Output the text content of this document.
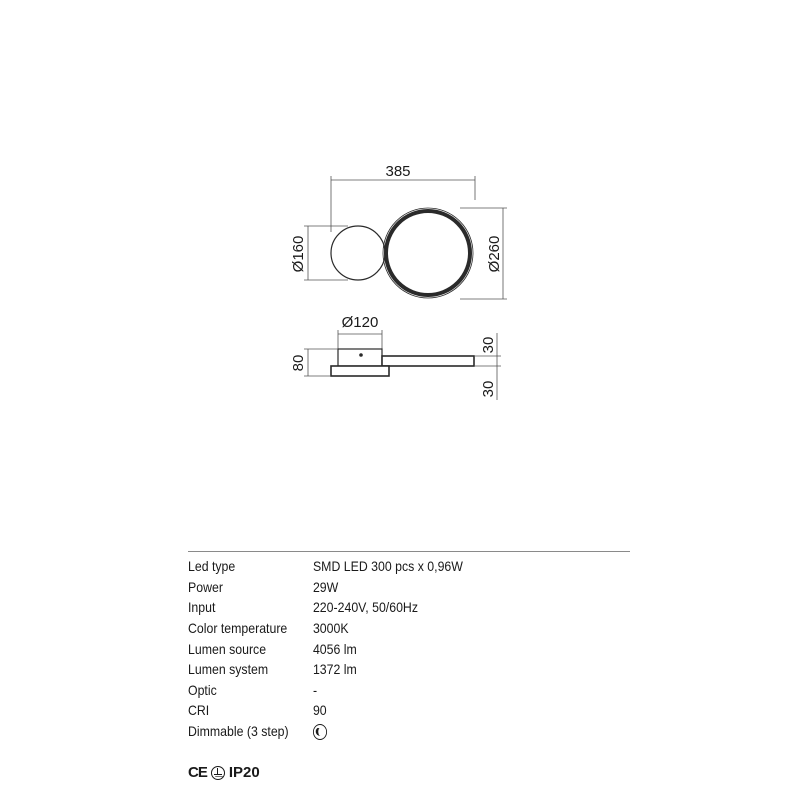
385
Ø160	Ø260
Ø120
80
30
30
Led type	SMD LED 300 pcs x 0,96W
Power	29W
Input	220-240V, 50/60Hz
Color temperature	3000K
Lumen source	4056 lm
Lumen system	1372 lm
Optic	-
CRI	90
Dimmable (3 step)
CE IP20
